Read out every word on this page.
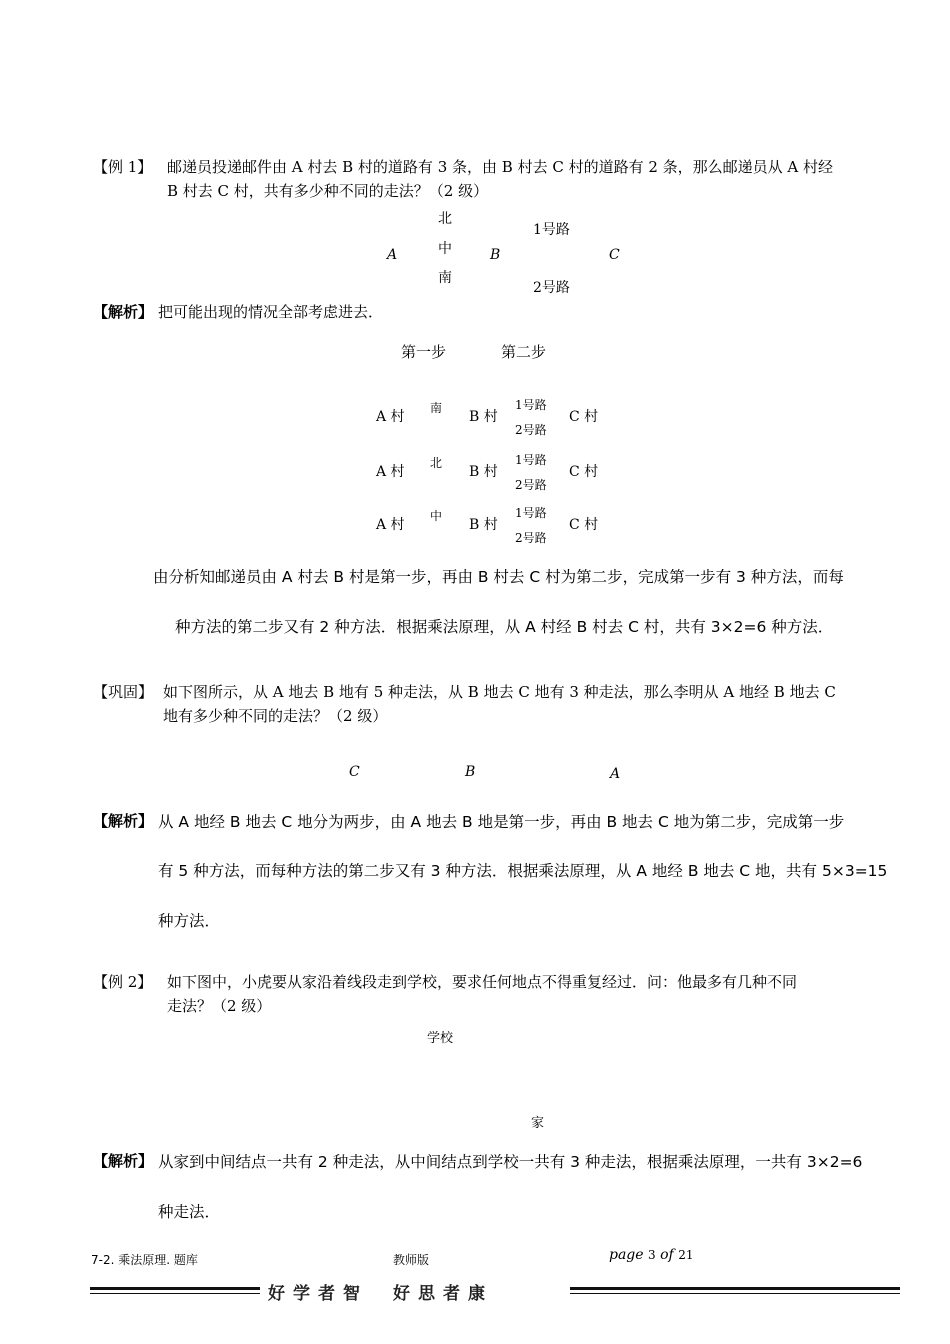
【例 1】 邮递员投递邮件由 A 村去 B 村的道路有 3 条，由 B 村去 C 村的道路有 2 条，那么邮递员从 A 村经
B 村去 C 村，共有多少种不同的走法？（2 级）
北
中
南
A	B	C
1号路
2号路
【解析】 把可能出现的情况全部考虑进去．
第一步	第二步
A 村
南
B 村
1号路
2号路
C 村
A 村
北
B 村
1号路
2号路
C 村
A 村
中
B 村
1号路
2号路
C 村
由分析知邮递员由 A 村去 B 村是第一步，再由 B 村去 C 村为第二步，完成第一步有 3 种方法，而每
种方法的第二步又有 2 种方法．根据乘法原理，从 A 村经 B 村去 C 村，共有 3×2=6 种方法．
【巩固】 如下图所示，从 A 地去 B 地有 5 种走法，从 B 地去 C 地有 3 种走法，那么李明从 A 地经 B 地去 C
地有多少种不同的走法？（2 级）
C	B	A
【解析】 从 A 地经 B 地去 C 地分为两步，由 A 地去 B 地是第一步，再由 B 地去 C 地为第二步，完成第一步
有 5 种方法，而每种方法的第二步又有 3 种方法．根据乘法原理，从 A 地经 B 地去 C 地，共有 5×3=15
种方法．
【例 2】 如下图中，小虎要从家沿着线段走到学校，要求任何地点不得重复经过．问：他最多有几种不同
走法？（2 级）
学校
家
【解析】 从家到中间结点一共有 2 种走法，从中间结点到学校一共有 3 种走法，根据乘法原理，一共有 3×2=6
种走法．
7-2. 乘法原理. 题库	教师版	page 3 of 21
好学者智　好思者康
